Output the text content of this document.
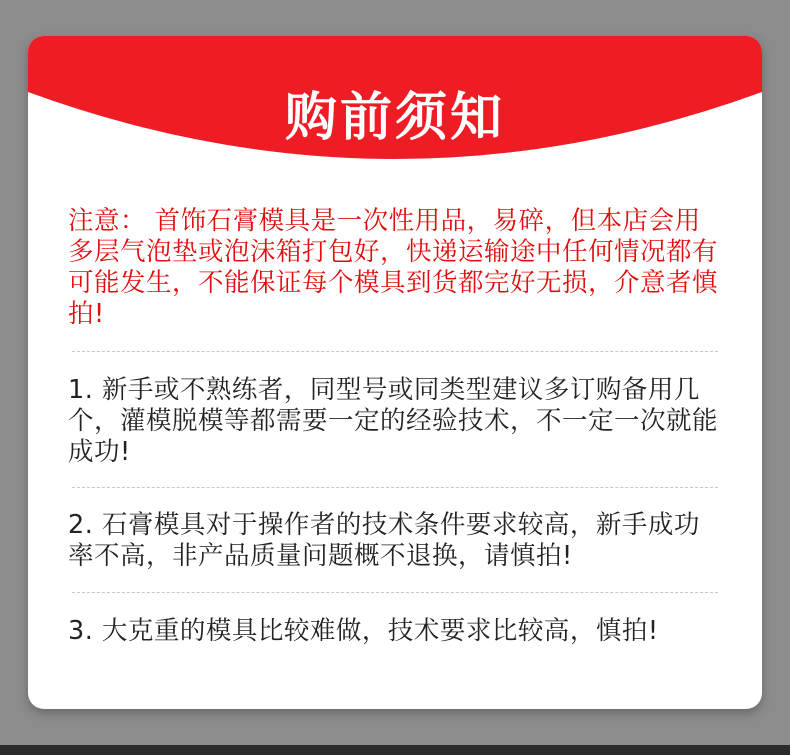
购前须知
PRE-PURCHASE NOTICE
注意： 首饰石膏模具是一次性用品，易碎，但本店会用多层气泡垫或泡沫箱打包好，快递运输途中任何情况都有可能发生，不能保证每个模具到货都完好无损，介意者慎拍!
1. 新手或不熟练者，同型号或同类型建议多订购备用几个，灌模脱模等都需要一定的经验技术，不一定一次就能成功!
2. 石膏模具对于操作者的技术条件要求较高，新手成功率不高，非产品质量问题概不退换，请慎拍!
3. 大克重的模具比较难做，技术要求比较高，慎拍!
